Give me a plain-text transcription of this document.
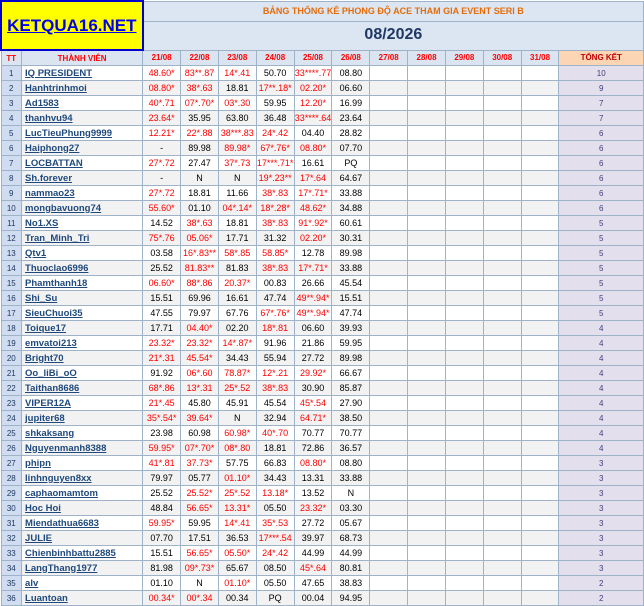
KETQUA16.NET		BẢNG THỐNG KÊ PHONG ĐỘ ACE THAM GIA EVENT SERI B											
		08/2026											
TT	THÀNH VIÊN	21/08	22/08	23/08	24/08	25/08	26/08	27/08	28/08	29/08	30/08	31/08	TỔNG KẾT
1	IQ PRESIDENT	48.60*	83**.87	14*.41	50.70	33****.77	08.80						10
2	Hanhtrinhmoi	08.80*	38*.63	18.81	17**.18*	02.20*	06.60						9
3	Ad1583	40*.71	07*.70*	03*.30	59.95	12.20*	16.99						7
4	thanhvu94	23.64*	35.95	63.80	36.48	33****.64	23.64						7
5	LucTieuPhung9999	12.21*	22*.88	38***.83	24*.42	04.40	28.82						6
6	Haiphong27	-	89.98	89.98*	67*.76*	08.80*	07.70						6
7	LOCBATTAN	27*.72	27.47	37*.73	17***.71*	16.61	PQ						6
8	Sh.forever	-	N	N	19*.23**	17*.64	64.67						6
9	nammao23	27*.72	18.81	11.66	38*.83	17*.71*	33.88						6
10	mongbavuong74	55.60*	01.10	04*.14*	18*.28*	48.62*	34.88						6
11	No1.XS	14.52	38*.63	18.81	38*.83	91*.92*	60.61						5
12	Tran_Minh_Tri	75*.76	05.06*	17.71	31.32	02.20*	30.31						5
13	Qtv1	03.58	16*.83**	58*.85	58.85*	12.78	89.98						5
14	Thuoclao6996	25.52	81.83**	81.83	38*.83	17*.71*	33.88						5
15	Phamthanh18	06.60*	88*.86	20.37*	00.83	26.66	45.54						5
16	Shi_Su	15.51	69.96	16.61	47.74	49**.94*	15.51						5
17	SieuChuoi35	47.55	79.97	67.76	67*.76*	49**.94*	47.74						5
18	Toique17	17.71	04.40*	02.20	18*.81	06.60	39.93						4
19	emvatoi213	23.32*	23.32*	14*.87*	91.96	21.86	59.95						4
20	Bright70	21*.31	45.54*	34.43	55.94	27.72	89.98						4
21	Oo_liBi_oO	91.92	06*.60	78.87*	12*.21	29.92*	66.67						4
22	Taithan8686	68*.86	13*.31	25*.52	38*.83	30.90	85.87						4
23	VIPER12A	21*.45	45.80	45.91	45.54	45*.54	27.90						4
24	jupiter68	35*.54*	39.64*	N	32.94	64.71*	38.50						4
25	shkaksang	23.98	60.98	60.98*	40*.70	70.77	70.77						4
26	Nguyenmanh8388	59.95*	07*.70*	08*.80	18.81	72.86	36.57						4
27	phipn	41*.81	37.73*	57.75	66.83	08.80*	08.80						3
28	linhnguyen8xx	79.97	05.77	01.10*	34.43	13.31	33.88						3
29	caphaomamtom	25.52	25.52*	25*.52	13.18*	13.52	N						3
30	Hoc Hoi	48.84	56.65*	13.31*	05.50	23.32*	03.30						3
31	Miendathua6683	59.95*	59.95	14*.41	35*.53	27.72	05.67						3
32	JULIE	07.70	17.51	36.53	17***.54	39.97	68.73						3
33	Chienbinhbattu2885	15.51	56.65*	05.50*	24*.42	44.99	44.99						3
34	LangThang1977	81.98	09*.73*	65.67	08.50	45*.64	80.81						3
35	alv	01.10	N	01.10*	05.50	47.65	38.83						2
36	Luantoan	00.34*	00*.34	00.34	PQ	00.04	94.95						2
